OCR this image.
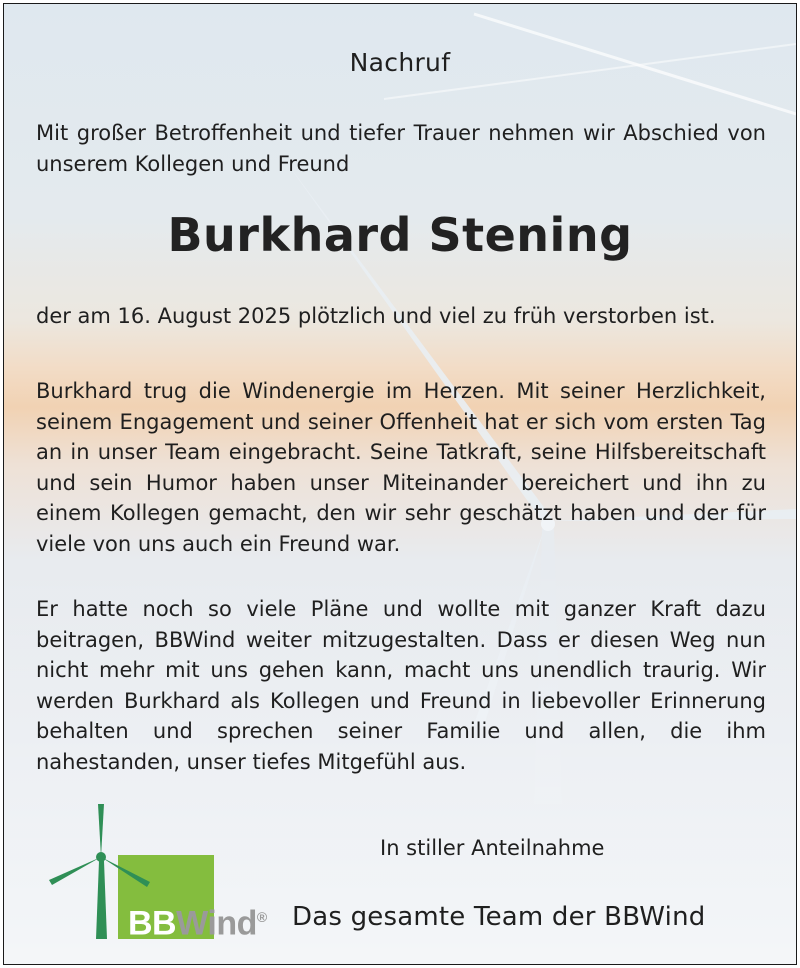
Nachruf

Mit großer Betroffenheit und tiefer Trauer nehmen wir Abschied von unserem Kollegen und Freund

Burkhard Stening

der am 16. August 2025 plötzlich und viel zu früh verstorben ist.

Burkhard trug die Windenergie im Herzen. Mit seiner Herzlichkeit, seinem Engagement und seiner Offenheit hat er sich vom ersten Tag an in unser Team eingebracht. Seine Tatkraft, seine Hilfsbereitschaft und sein Humor haben unser Miteinander bereichert und ihn zu einem Kollegen gemacht, den wir sehr geschätzt haben und der für viele von uns auch ein Freund war.

Er hatte noch so viele Pläne und wollte mit ganzer Kraft dazu beitragen, BBWind weiter mitzugestalten. Dass er diesen Weg nun nicht mehr mit uns gehen kann, macht uns unendlich traurig. Wir werden Burkhard als Kollegen und Freund in liebevoller Erinnerung behalten und sprechen seiner Familie und allen, die ihm nahestanden, unser tiefes Mitgefühl aus.

In stiller Anteilnahme
Das gesamte Team der BBWind
BBWind®
